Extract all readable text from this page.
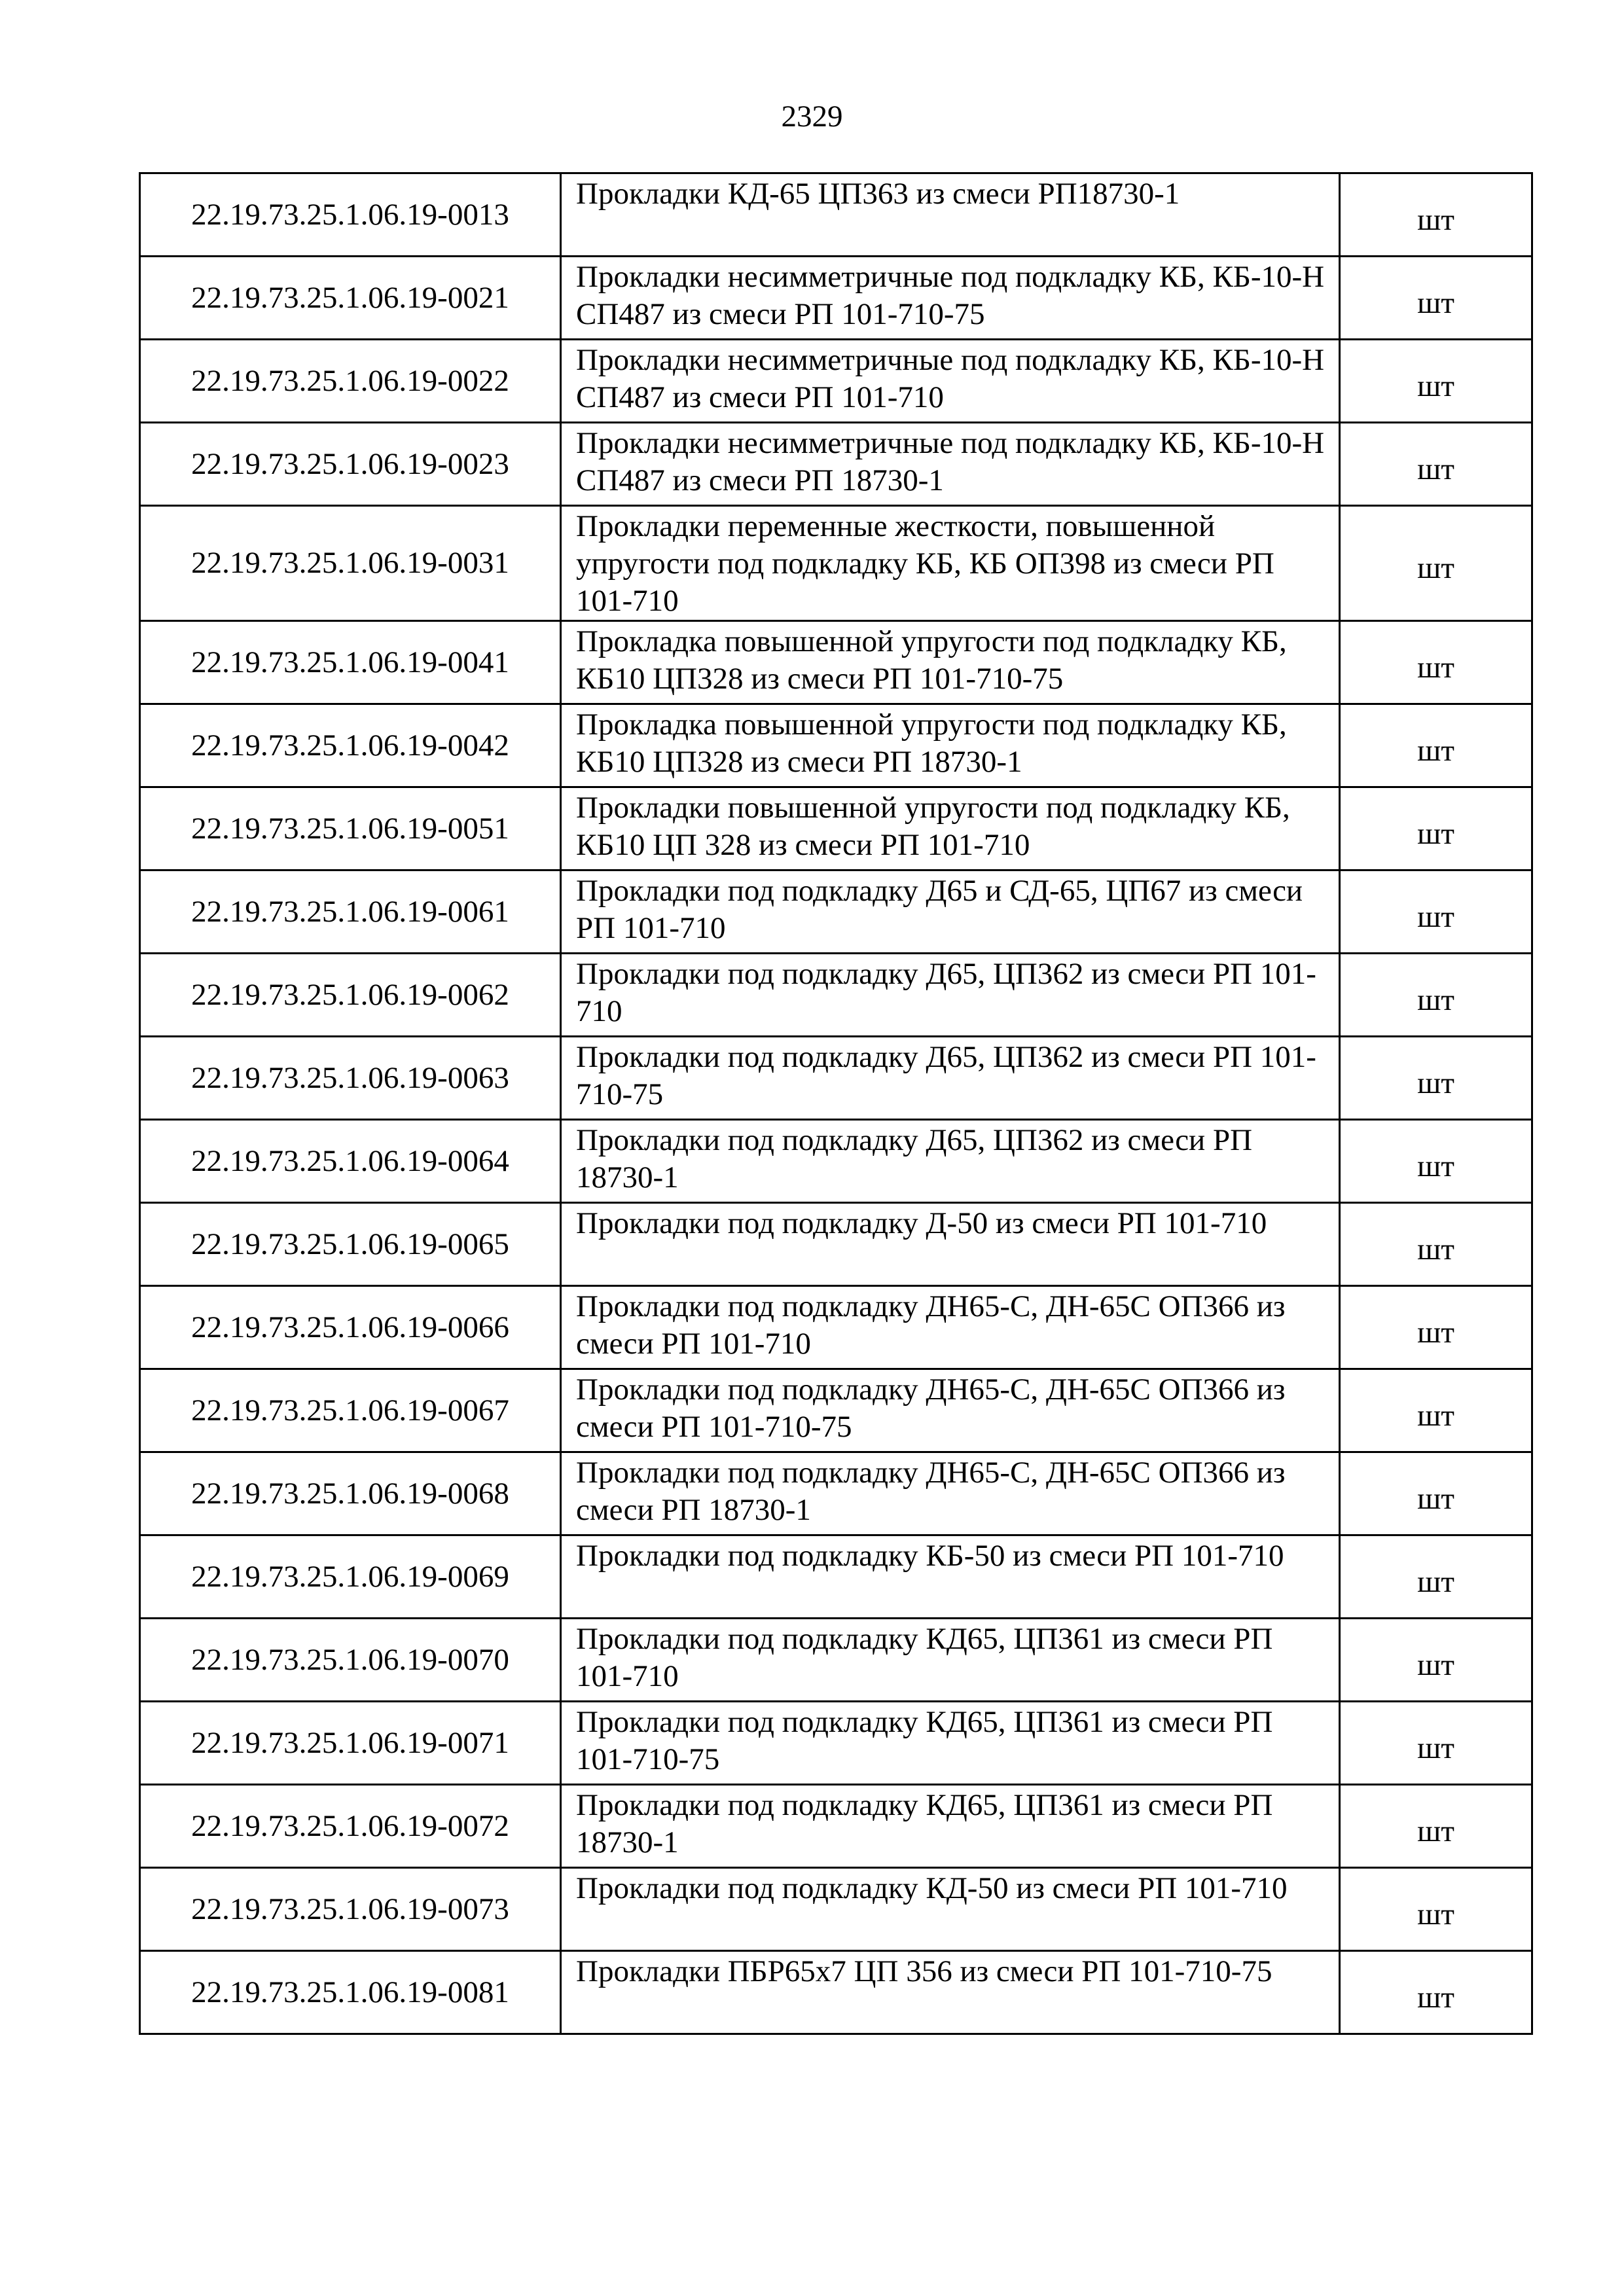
2329
22.19.73.25.1.06.19-0013	Прокладки КД-65 ЦП363 из смеси РП18730-1	шт
22.19.73.25.1.06.19-0021	Прокладки несимметричные под подкладку КБ, КБ-10-Н СП487 из смеси РП 101-710-75	шт
22.19.73.25.1.06.19-0022	Прокладки несимметричные под подкладку КБ, КБ-10-Н СП487 из смеси РП 101-710	шт
22.19.73.25.1.06.19-0023	Прокладки несимметричные под подкладку КБ, КБ-10-Н СП487 из смеси РП 18730-1	шт
22.19.73.25.1.06.19-0031	Прокладки переменные жесткости, повышенной упругости под подкладку КБ, КБ ОП398 из смеси РП 101-710	шт
22.19.73.25.1.06.19-0041	Прокладка повышенной упругости под подкладку КБ, КБ10 ЦП328 из смеси РП 101-710-75	шт
22.19.73.25.1.06.19-0042	Прокладка повышенной упругости под подкладку КБ, КБ10 ЦП328 из смеси РП 18730-1	шт
22.19.73.25.1.06.19-0051	Прокладки повышенной упругости под подкладку КБ, КБ10 ЦП 328 из смеси РП 101-710	шт
22.19.73.25.1.06.19-0061	Прокладки под подкладку Д65 и СД-65, ЦП67 из смеси РП 101-710	шт
22.19.73.25.1.06.19-0062	Прокладки под подкладку Д65, ЦП362 из смеси РП 101-710	шт
22.19.73.25.1.06.19-0063	Прокладки под подкладку Д65, ЦП362 из смеси РП 101-710-75	шт
22.19.73.25.1.06.19-0064	Прокладки под подкладку Д65, ЦП362 из смеси РП 18730-1	шт
22.19.73.25.1.06.19-0065	Прокладки под подкладку Д-50 из смеси РП 101-710	шт
22.19.73.25.1.06.19-0066	Прокладки под подкладку ДН65-С, ДН-65С ОП366 из смеси РП 101-710	шт
22.19.73.25.1.06.19-0067	Прокладки под подкладку ДН65-С, ДН-65С ОП366 из смеси РП 101-710-75	шт
22.19.73.25.1.06.19-0068	Прокладки под подкладку ДН65-С, ДН-65С ОП366 из смеси РП 18730-1	шт
22.19.73.25.1.06.19-0069	Прокладки под подкладку КБ-50 из смеси РП 101-710	шт
22.19.73.25.1.06.19-0070	Прокладки под подкладку КД65, ЦП361 из смеси РП 101-710	шт
22.19.73.25.1.06.19-0071	Прокладки под подкладку КД65, ЦП361 из смеси РП 101-710-75	шт
22.19.73.25.1.06.19-0072	Прокладки под подкладку КД65, ЦП361 из смеси РП 18730-1	шт
22.19.73.25.1.06.19-0073	Прокладки под подкладку КД-50 из смеси РП 101-710	шт
22.19.73.25.1.06.19-0081	Прокладки ПБР65х7 ЦП 356 из смеси РП 101-710-75	шт
